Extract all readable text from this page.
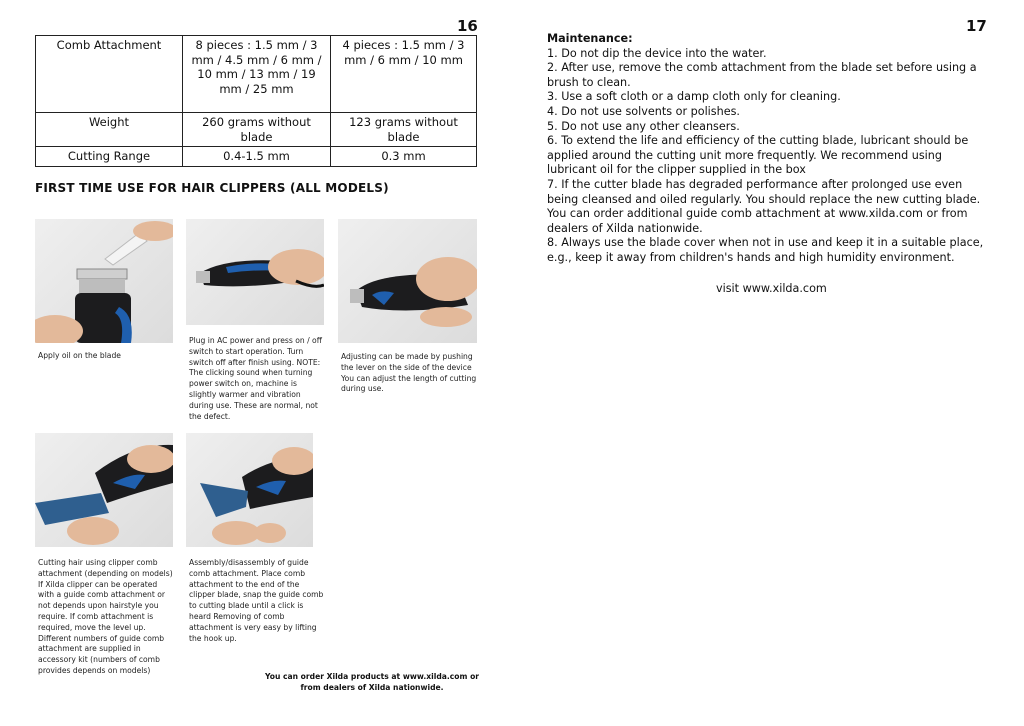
16	17
Comb Attachment	8 pieces : 1.5 mm / 3 mm / 4.5 mm / 6 mm / 10 mm / 13 mm / 19 mm / 25 mm	4 pieces : 1.5 mm / 3 mm / 6 mm / 10 mm
Weight	260 grams without blade	123 grams without blade
Cutting Range	0.4-1.5 mm	0.3 mm
FIRST TIME USE FOR HAIR CLIPPERS (ALL MODELS)
Apply oil on the blade
Plug in AC power and press on / off switch to start operation. Turn switch off after finish using. NOTE: The clicking sound when turning power switch on, machine is slightly warmer and vibration during use. These are normal, not the defect.
Adjusting can be made by pushing the lever on the side of the device You can adjust the length of cutting during use.
Cutting hair using clipper comb attachment (depending on models) If Xilda clipper can be operated with a guide comb attachment or not depends upon hairstyle you require. If comb attachment is required, move the level up. Different numbers of guide comb attachment are supplied in accessory kit (numbers of comb provides depends on models)
Assembly/disassembly of guide comb attachment. Place comb attachment to the end of the clipper blade, snap the guide comb to cutting blade until a click is heard Removing of comb attachment is very easy by lifting the hook up.
You can order Xilda products at www.xilda.com or from dealers of Xilda nationwide.

Maintenance:

1. Do not dip the device into the water.

2. After use, remove the comb attachment from the blade set before using a brush to clean.

3. Use a soft cloth or a damp cloth only for cleaning.

4. Do not use solvents or polishes.

5. Do not use any other cleansers.

6. To extend the life and efficiency of the cutting blade, lubricant should be applied around the cutting unit more frequently. We recommend using lubricant oil for the clipper supplied in the box

7. If the cutter blade has degraded performance after prolonged use even being cleansed and oiled regularly. You should replace the new cutting blade. You can order additional guide comb attachment at www.xilda.com or from dealers of Xilda nationwide.

8. Always use the blade cover when not in use and keep it in a suitable place, e.g., keep it away from children's hands and high humidity environment.

visit www.xilda.com
